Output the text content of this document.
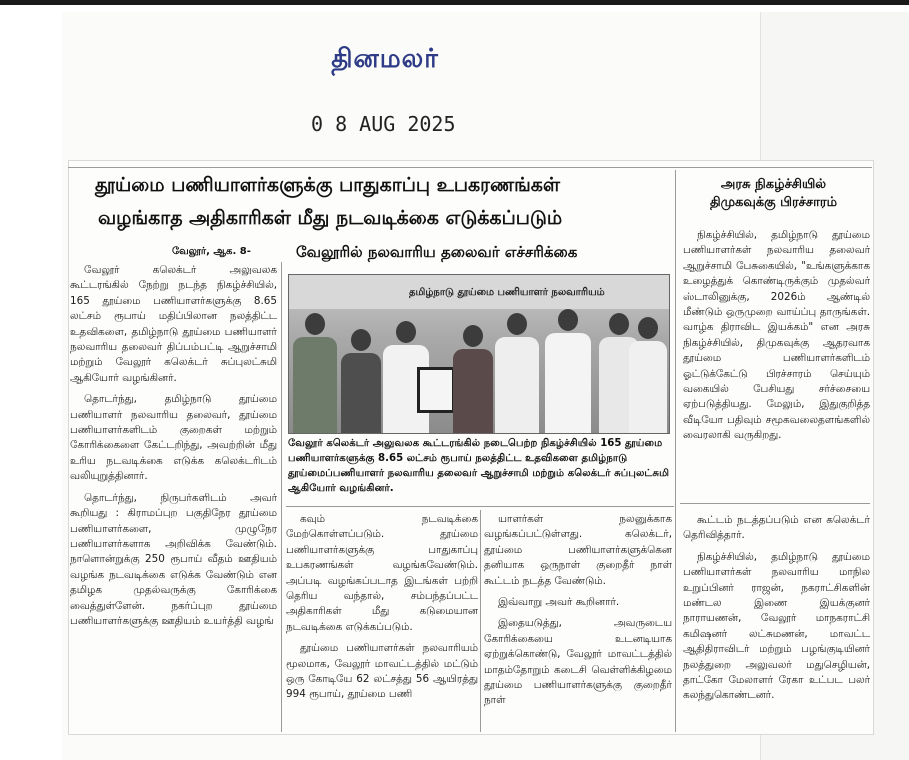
தினமலர்
0 8 AUG 2025
தூய்மை பணியாளர்களுக்கு பாதுகாப்பு உபகரணங்கள்
வழங்காத அதிகாரிகள் மீது நடவடிக்கை எடுக்கப்படும்
வேலூரில் நலவாரிய தலைவர் எச்சரிக்கை
வேலூர், ஆக. 8-

வேலூர் கலெக்டர் அலுவலக கூட்டரங்கில் நேற்று நடந்த நிகழ்ச்சியில், 165 தூய்மை பணியாளர்களுக்கு 8.65 லட்சம் ரூபாய் மதிப்பிலான நலத்திட்ட உதவிகளை, தமிழ்நாடு தூய்மை பணியாளர் நலவாரிய தலைவர் திப்பம்பட்டி ஆறுச்சாமி மற்றும் வேலூர் கலெக்டர் சுப்புலட்சுமி ஆகியோர் வழங்கினர்.

தொடர்ந்து, தமிழ்நாடு தூய்மை பணியாளர் நலவாரிய தலைவர், தூய்மை பணியாளர்களிடம் குறைகள் மற்றும் கோரிக்கைளை கேட்டறிந்து, அவற்றின் மீது உரிய நடவடிக்கை எடுக்க கலெக்டரிடம் வலியுறுத்தினார்.

தொடர்ந்து, நிருபர்களிடம் அவர் கூறியது : கிராமப்புற பகுதிநேர தூய்மை பணியாளர்களை, முழுநேர பணியாளர்களாக அறிவிக்க வேண்டும். நாளொன்றுக்கு 250 ரூபாய் வீதம் ஊதியம் வழங்க நடவடிக்கை எடுக்க வேண்டும் என தமிழக முதல்வருக்கு கோரிக்கை வைத்துள்ளேன். நகர்ப்புற தூய்மை பணியாளர்களுக்கு ஊதியம் உயர்த்தி வழங்

தமிழ்நாடு தூய்மை பணியாளர் நலவாரியம்
வேலூர் கலெக்டர் அலுவலக கூட்டரங்கில் நடைபெற்ற நிகழ்ச்சியில் 165 தூய்மை பணியாளர்களுக்கு 8.65 லட்சம் ரூபாய் நலத்திட்ட உதவிகளை தமிழ்நாடு தூய்மைப்பணியாளர் நலவாரிய தலைவர் ஆறுச்சாமி மற்றும் கலெக்டர் சுப்புலட்சுமி ஆகியோர் வழங்கினர்.

கவும் நடவடிக்கை மேற்கொள்ளப்படும். தூய்மை பணியாளர்களுக்கு பாதுகாப்பு உபகரணங்கள் வழங்கவேண்டும். அப்படி வழங்கப்படாத இடங்கள் பற்றி தெரிய வந்தால், சம்பந்தப்பட்ட அதிகாரிகள் மீது கடுமையான நடவடிக்கை எடுக்கப்படும்.

தூய்மை பணியாளர்கள் நலவாரியம் மூலமாக, வேலூர் மாவட்டத்தில் மட்டும் ஒரு கோடியே 62 லட்சத்து 56 ஆயிரத்து 994 ரூபாய், தூய்மை பணி

யாளர்கள் நலனுக்காக வழங்கப்பட்டுள்ளது. கலெக்டர், தூய்மை பணியாளர்களுக்கென தனியாக ஒருநாள் குறைதீர் நாள் கூட்டம் நடத்த வேண்டும்.

இவ்வாறு அவர் கூறினார்.

இதையடுத்து, அவருடைய கோரிக்கையை உடனடியாக ஏற்றுக்கொண்டு, வேலூர் மாவட்டத்தில் மாதம்தோறும் கடைசி வெள்ளிக்கிழமை தூய்மை பணியாளர்களுக்கு குறைதீர் நாள்

அரசு நிகழ்ச்சியில்
திமுகவுக்கு பிரச்சாரம்

நிகழ்ச்சியில், தமிழ்நாடு தூய்மை பணியாளர்கள் நலவாரிய தலைவர் ஆறுச்சாமி பேசுகையில், "உங்களுக்காக உழைத்துக் கொண்டிருக்கும் முதல்வர் ஸ்டாலினுக்கு, 2026ம் ஆண்டில் மீண்டும் ஒருமுறை வாய்ப்பு தாருங்கள். வாழ்க திராவிட இயக்கம்" என அரசு நிகழ்ச்சியில், திமுகவுக்கு ஆதரவாக தூய்மை பணியாளர்களிடம் ஓட்டுக்கேட்டு பிரச்சாரம் செய்யும் வகையில் பேசியது சர்ச்சையை ஏற்படுத்தியது. மேலும், இதுகுறித்த வீடியோ பதிவும் சமூகவலைதளங்களில் வைரலாகி வருகிறது.

கூட்டம் நடத்தப்படும் என கலெக்டர் தெரிவித்தார்.

நிகழ்ச்சியில், தமிழ்நாடு தூய்மை பணியாளர்கள் நலவாரிய மாநில உறுப்பினர் ராஜன், நகராட்சிகளின் மண்டல இணை இயக்குனர் நாராயணன், வேலூர் மாநகராட்சி கமிஷனர் லட்சுமணன், மாவட்ட ஆதிதிராவிடர் மற்றும் பழங்குடியினர் நலத்துறை அலுவலர் மதுசெழியன், தாட்கோ மேலாளர் ரேகா உட்பட பலர் கலந்துகொண்டனர்.
